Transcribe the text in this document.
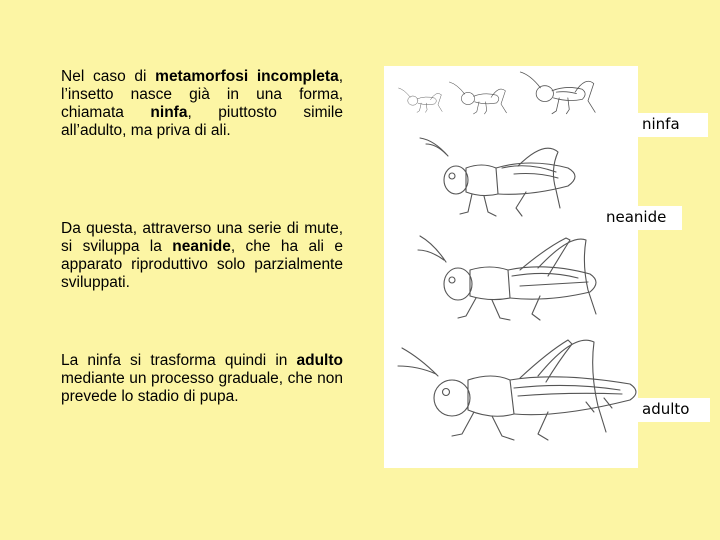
Nel caso di metamorfosi incompleta, l’insetto nasce già in una forma, chiamata ninfa, piuttosto simile all’adulto, ma priva di ali.

Da questa, attraverso una serie di mute, si sviluppa la neanide, che ha ali e apparato riproduttivo solo parzialmente sviluppati.

La ninfa si trasforma quindi in adulto mediante un processo graduale, che non prevede lo stadio di pupa.

ninfa
neanide
adulto
